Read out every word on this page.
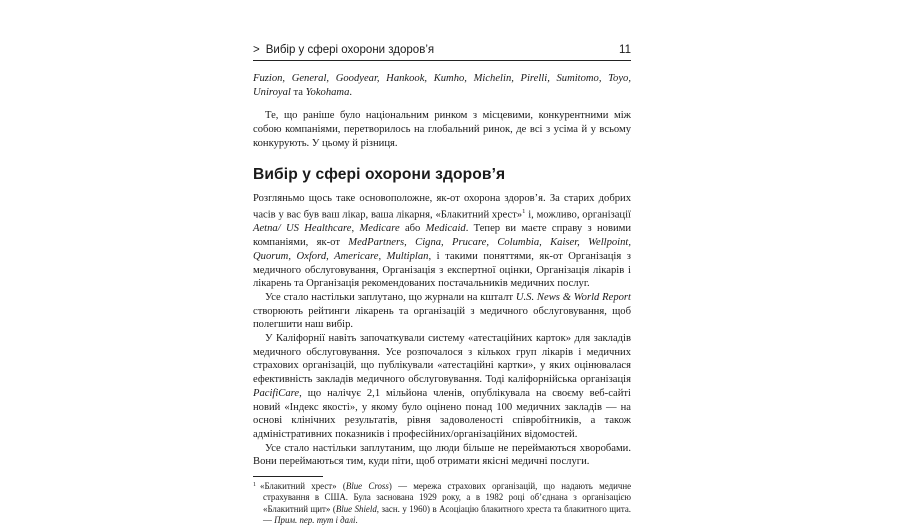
> Вибір у сфері охорони здоров’я	11

Fuzion, General, Goodyear, Hankook, Kumho, Michelin, Pirelli, Sumitomo, Toyo, Uniroyal та Yokohama.

Те, що раніше було національним ринком з місцевими, конкурентними між собою компаніями, перетворилось на глобальний ринок, де всі з усіма й у всьому конкурують. У цьому й різниця.

Вибір у сфері охорони здоров’я

Розгляньмо щось таке основоположне, як-от охорона здоров’я. За старих добрих часів у вас був ваш лікар, ваша лікарня, «Блакитний хрест»$^1$ і, можливо, організації Aetna/ US Healthcare, Medicare або Medicaid. Тепер ви маєте справу з новими компаніями, як-от MedPartners, Cigna, Prucare, Columbia, Kaiser, Wellpoint, Quorum, Oxford, Americare, Multiplan, і такими поняттями, як-от Організація з медичного обслуговування, Організація з експертної оцінки, Організація лікарів і лікарень та Організація рекомендованих постачальників медичних послуг.

Усе стало настільки заплутано, що журнали на кшталт U.S. News & World Report створюють рейтинги лікарень та організацій з медичного обслуговування, щоб полегшити наш вибір.

У Каліфорнії навіть започаткували систему «атестаційних карток» для закладів медичного обслуговування. Усе розпочалося з кількох груп лікарів і медичних страхових організацій, що публікували «атестаційні картки», у яких оцінювалася ефективність закладів медичного обслуговування. Тоді каліфорнійська організація PacifiCare, що налічує 2,1 мільйона членів, опублікувала на своєму веб-сайті новий «Індекс якості», у якому було оцінено понад 100 медичних закладів — на основі клінічних результатів, рівня задоволеності співробітників, а також адміністративних показників і професійних/організаційних відомостей.

Усе стало настільки заплутаним, що люди більше не переймаються хворобами. Вони переймаються тим, куди піти, щоб отримати якісні медичні послуги.

$^1$ «Блакитний хрест» (Blue Cross) — мережа страхових організацій, що надають медичне страхування в США. Була заснована 1929 року, а в 1982 році об’єднана з організацією «Блакитний щит» (Blue Shield, засн. у 1960) в Асоціацію блакитного хреста та блакитного щита.— Прим. пер. тут і далі.
